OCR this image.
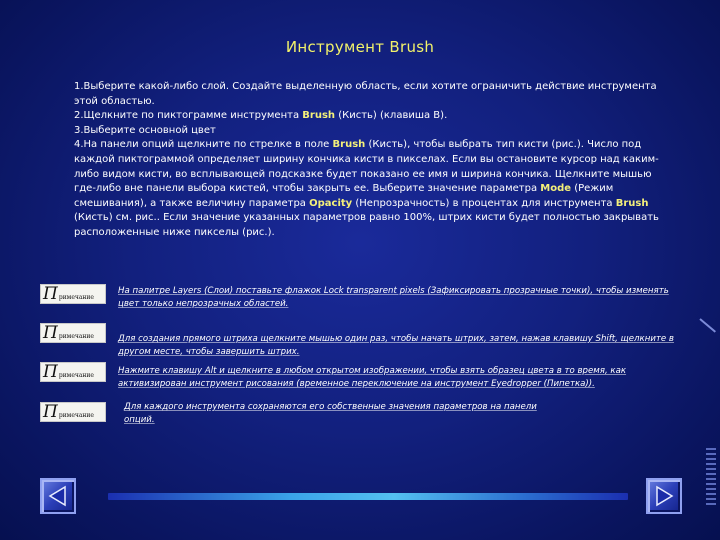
Инструмент Brush

1.Выберите какой-либо слой. Создайте выделенную область, если хотите ограничить действие инструмента этой областью.

2.Щелкните по пиктограмме инструмента Brush (Кисть) (клавиша В).

3.Выберите основной цвет

4.На панели опций щелкните по стрелке в поле Brush (Кисть), чтобы выбрать тип кисти (рис.). Число под каждой пиктограммой определяет ширину кончика кисти в пикселах. Если вы остановите курсор над каким-либо видом кисти, во всплывающей подсказке будет показано ее имя и ширина кончика. Щелкните мышью где-либо вне панели выбора кистей, чтобы закрыть ее. Выберите значение параметра Mode (Режим смешивания), а также величину параметра Opacity (Непрозрачность) в процентах для инструмента Brush (Кисть) см. рис.. Если значение указанных параметров равно 100%, штрих кисти будет полностью закрывать расположенные ниже пикселы (рис.).

П римечание
На палитре Layers (Слои) поставьте флажок Lock transparent pixels (Зафиксировать прозрачные точки), чтобы изменять цвет только непрозрачных областей.
П римечание	Для создания прямого штриха щелкните мышью один раз, чтобы начать штрих, затем, нажав клавишу Shift, щелкните в другом месте, чтобы завершить штрих.
П римечание	Нажмите клавишу Alt и щелкните в любом открытом изображении, чтобы взять образец цвета в то время, как активизирован инструмент рисования (временное переключение на инструмент Eyedropper (Пипетка)).
П римечание
Для каждого инструмента сохраняются его собственные значения параметров на панели опций.
